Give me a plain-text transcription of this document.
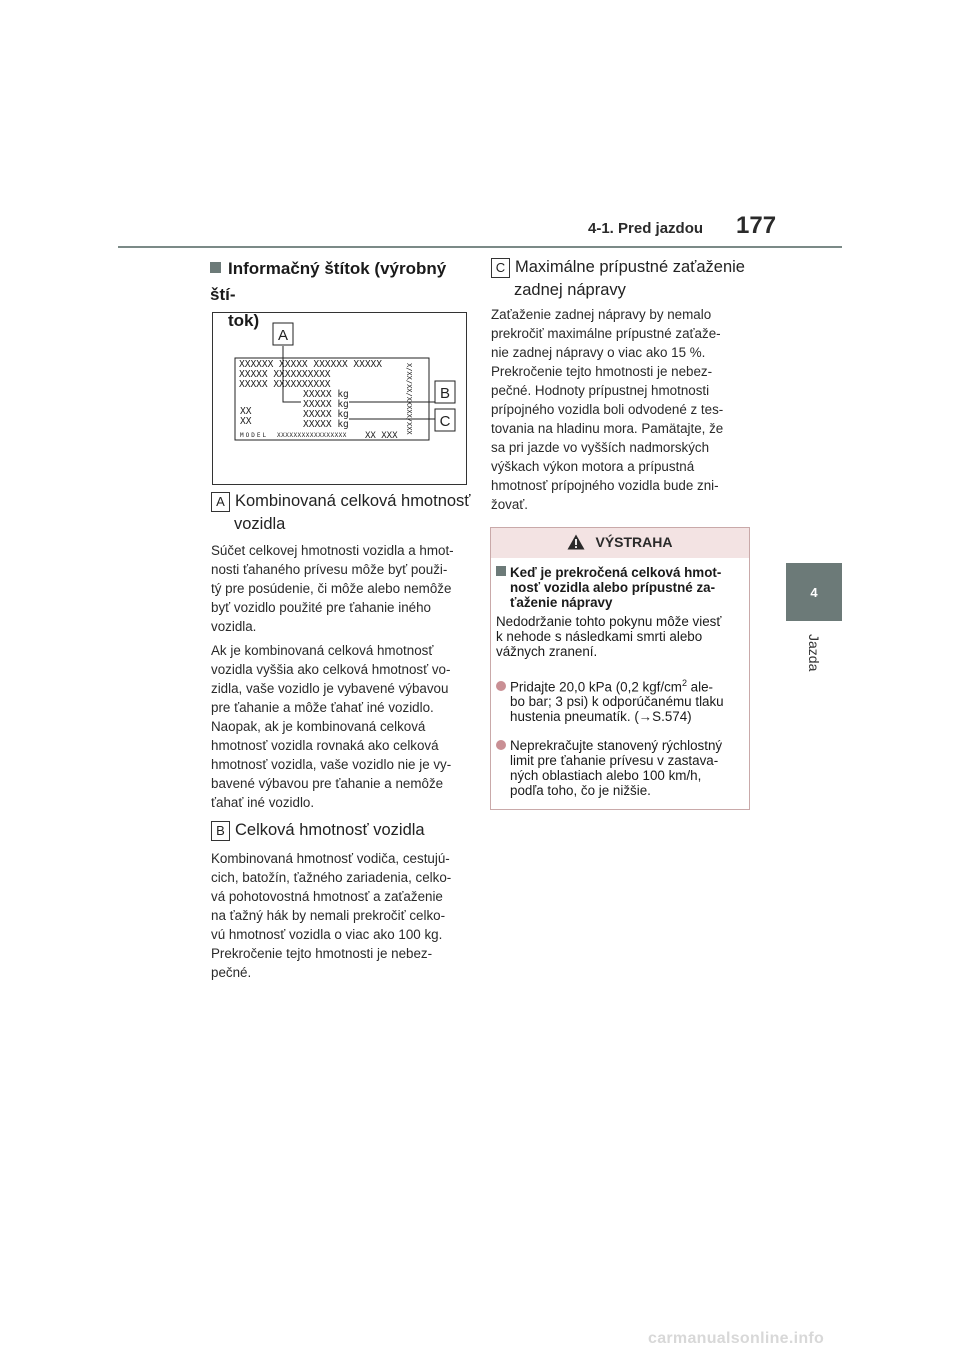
4-1. Pred jazdou 177
4
Jazda
Informačný štítok (výrobný ští-
tok)
XXXXXX XXXXX XXXXXX XXXXX
XXXXX XXXXXXXXXX
XXXXX XXXXXXXXXX
XXXXX kg
XXXXX kg
XXXXX kg
XXXXX kg
XX
XX
MODEL XXXXXXXXXXXXXXXXX XX XXX
X/XX/XX/XXXXX/XXX
A
B
C
A Kombinovaná celková hmotnosť
vozidla
Súčet celkovej hmotnosti vozidla a hmot-
nosti ťahaného prívesu môže byť použi-
tý pre posúdenie, či môže alebo nemôže
byť vozidlo použité pre ťahanie iného
vozidla.
Ak je kombinovaná celková hmotnosť
vozidla vyššia ako celková hmotnosť vo-
zidla, vaše vozidlo je vybavené výbavou
pre ťahanie a môže ťahať iné vozidlo.
Naopak, ak je kombinovaná celková
hmotnosť vozidla rovnaká ako celková
hmotnosť vozidla, vaše vozidlo nie je vy-
bavené výbavou pre ťahanie a nemôže
ťahať iné vozidlo.
B Celková hmotnosť vozidla
Kombinovaná hmotnosť vodiča, cestujú-
cich, batožín, ťažného zariadenia, celko-
vá pohotovostná hmotnosť a zaťaženie
na ťažný hák by nemali prekročiť celko-
vú hmotnosť vozidla o viac ako 100 kg.
Prekročenie tejto hmotnosti je nebez-
pečné.
C Maximálne prípustné zaťaženie
zadnej nápravy
Zaťaženie zadnej nápravy by nemalo
prekročiť maximálne prípustné zaťaže-
nie zadnej nápravy o viac ako 15 %.
Prekročenie tejto hmotnosti je nebez-
pečné. Hodnoty prípustnej hmotnosti
prípojného vozidla boli odvodené z tes-
tovania na hladinu mora. Pamätajte, že
sa pri jazde vo vyšších nadmorských
výškach výkon motora a prípustná
hmotnosť prípojného vozidla bude zni-
žovať.
VÝSTRAHA
Keď je prekročená celková hmot-
nosť vozidla alebo prípustné za-
ťaženie nápravy
Nedodržanie tohto pokynu môže viesť
k nehode s následkami smrti alebo
vážnych zranení.
Pridajte 20,0 kPa (0,2 kgf/$cm^2$ ale-
bo bar; 3 psi) k odporúčanému tlaku
hustenia pneumatík. (→S.574)
Neprekračujte stanovený rýchlostný
limit pre ťahanie prívesu v zastava-
ných oblastiach alebo 100 km/h,
podľa toho, čo je nižšie.
carmanualsonline.info
